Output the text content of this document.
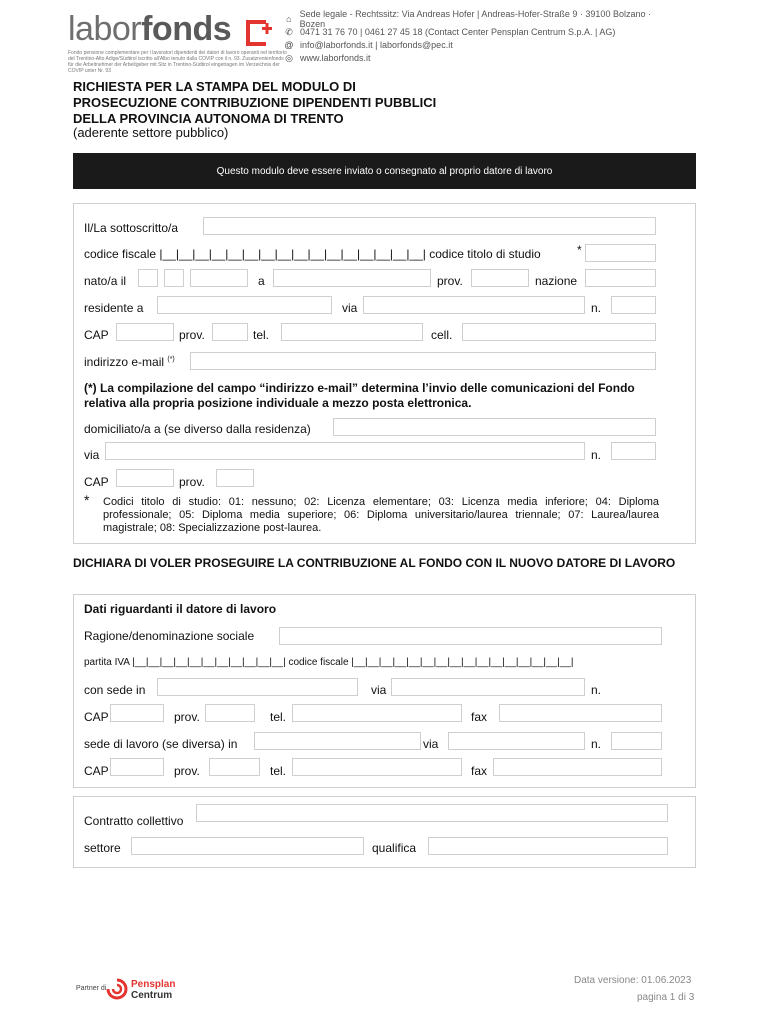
laborfonds
Fondo pensione complementare per i lavoratori dipendenti dei datori di lavoro operanti nel territorio del Trentino-Alto Adige/Südtirol iscritto all'Albo tenuto dalla COVIP con il n. 93. Zusatzrentenfonds für die Arbeitnehmer der Arbeitgeber mit Sitz in Trentino-Südtirol eingetragen im Verzeichnis der COVIP unter Nr. 93
⌂ Sede legale - Rechtssitz: Via Andreas Hofer | Andreas-Hofer-Straße 9 · 39100 Bolzano · Bozen
✆ 0471 31 76 70 | 0461 27 45 18 (Contact Center Pensplan Centrum S.p.A. | AG)
@ info@laborfonds.it | laborfonds@pec.it
◎ www.laborfonds.it
RICHIESTA PER LA STAMPA DEL MODULO DI
PROSECUZIONE CONTRIBUZIONE DIPENDENTI PUBBLICI
DELLA PROVINCIA AUTONOMA DI TRENTO
(aderente settore pubblico)
Questo modulo deve essere inviato o consegnato al proprio datore di lavoro
Il/La sottoscritto/a
codice fiscale |__|__|__|__|__|__|__|__|__|__|__|__|__|__|__|__| codice titolo di studio	*
nato/a il	a	prov.	nazione
residente a	via	n.
CAP	prov.	tel.	cell.
indirizzo e-mail (*)
(*) La compilazione del campo “indirizzo e-mail” determina l’invio delle comunicazioni del Fondo relativa alla propria posizione individuale a mezzo posta elettronica.
domiciliato/a a (se diverso dalla residenza)
via	n.
CAP	prov.
* Codici titolo di studio: 01: nessuno; 02: Licenza elementare; 03: Licenza media inferiore; 04: Diploma professionale; 05: Diploma media superiore; 06: Diploma universitario/laurea triennale; 07: Laurea/laurea magistrale; 08: Specializzazione post-laurea.
DICHIARA DI VOLER PROSEGUIRE LA CONTRIBUZIONE AL FONDO CON IL NUOVO DATORE DI LAVORO
Dati riguardanti il datore di lavoro
Ragione/denominazione sociale
partita IVA |__|__|__|__|__|__|__|__|__|__|__| codice fiscale |__|__|__|__|__|__|__|__|__|__|__|__|__|__|__|__|
con sede in	via	n.
CAP	prov.	tel.	fax
sede di lavoro (se diversa) in	via	n.
CAP	prov.	tel.	fax
Contratto collettivo
settore	qualifica
Partner di Pensplan
Centrum
Data versione: 01.06.2023
pagina 1 di 3
